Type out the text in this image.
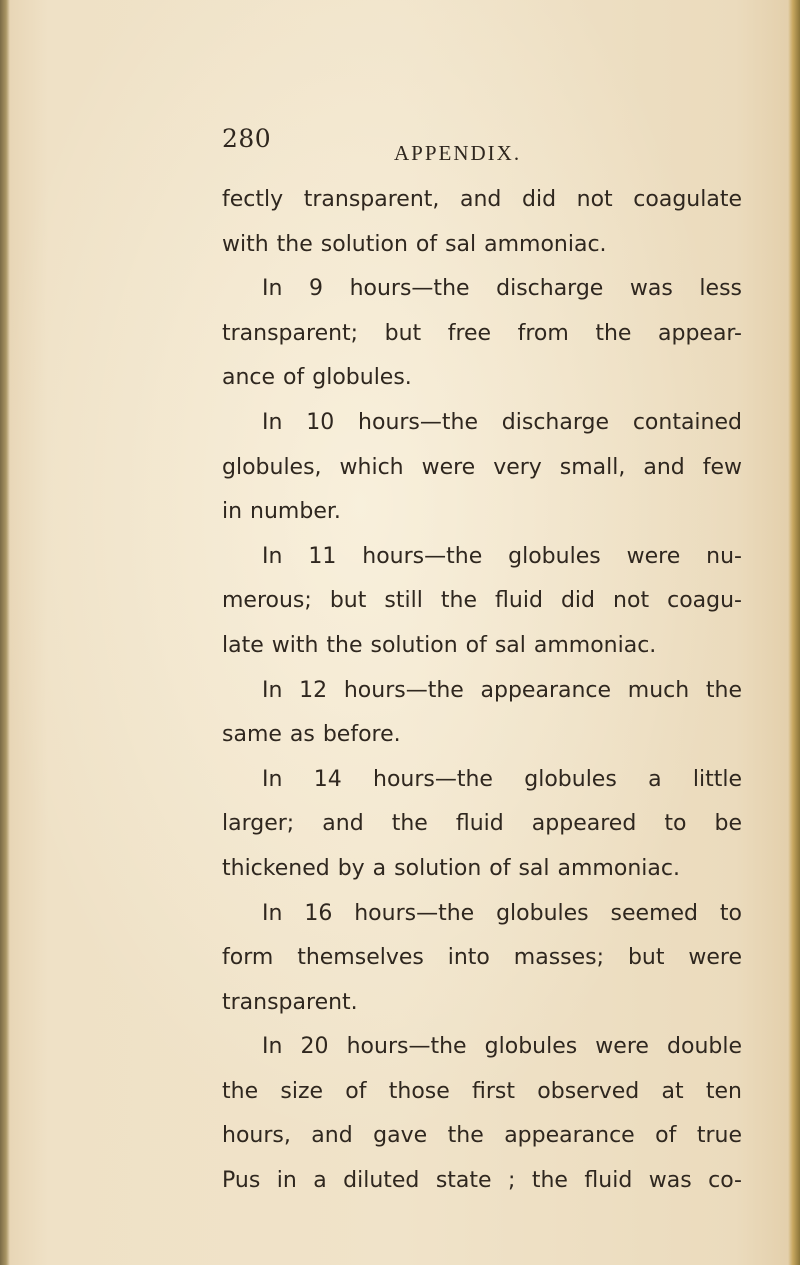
280	APPENDIX.
fectly transparent, and did not coagulate
with the solution of sal ammoniac.
In 9 hours—the discharge was less
transparent; but free from the appear-
ance of globules.
In 10 hours—the discharge contained
globules, which were very small, and few
in number.
In 11 hours—the globules were nu-
merous; but still the fluid did not coagu-
late with the solution of sal ammoniac.
In 12 hours—the appearance much the
same as before.
In 14 hours—the globules a little
larger; and the fluid appeared to be
thickened by a solution of sal ammoniac.
In 16 hours—the globules seemed to
form themselves into masses; but were
transparent.
In 20 hours—the globules were double
the size of those first observed at ten
hours, and gave the appearance of true
Pus in a diluted state ; the fluid was co-
